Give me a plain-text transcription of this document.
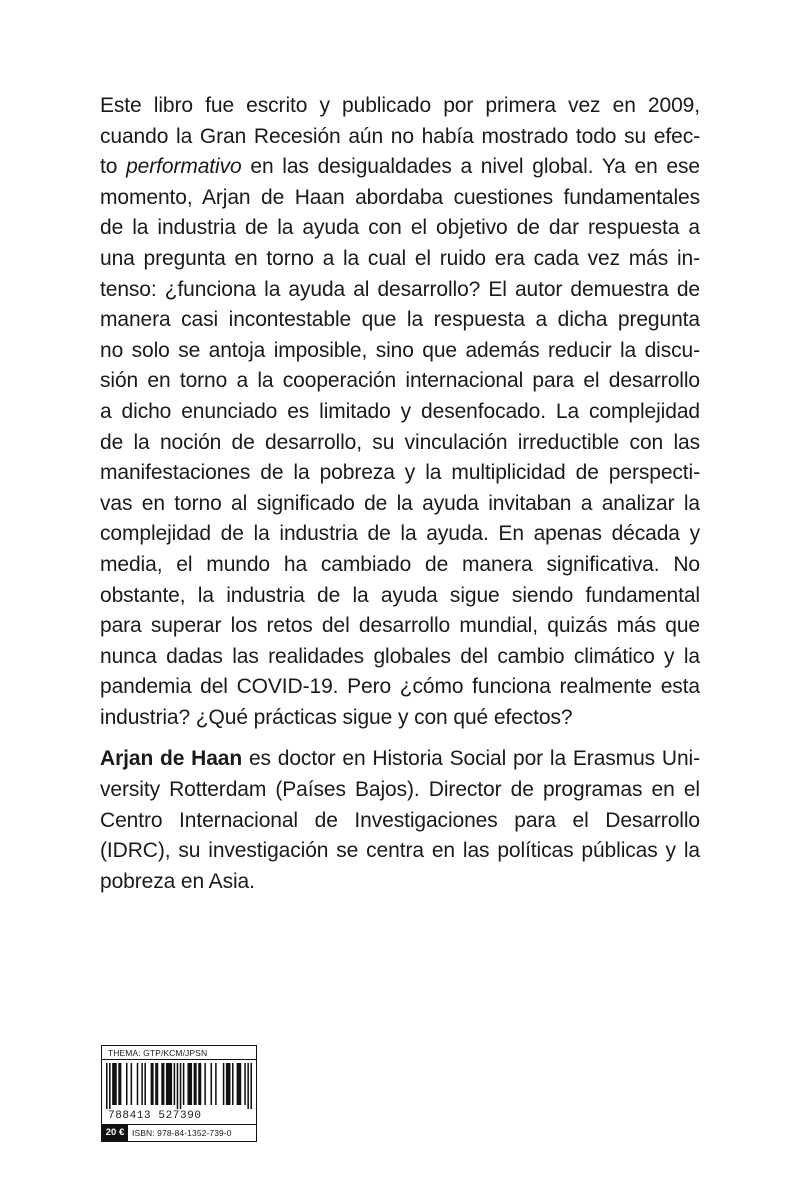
Este libro fue escrito y publicado por primera vez en 2009,
cuando la Gran Recesión aún no había mostrado todo su efec-
to performativo en las desigualdades a nivel global. Ya en ese
momento, Arjan de Haan abordaba cuestiones fundamentales
de la industria de la ayuda con el objetivo de dar respuesta a
una pregunta en torno a la cual el ruido era cada vez más in-
tenso: ¿funciona la ayuda al desarrollo? El autor demuestra de
manera casi incontestable que la respuesta a dicha pregunta
no solo se antoja imposible, sino que además reducir la discu-
sión en torno a la cooperación internacional para el desarrollo
a dicho enunciado es limitado y desenfocado. La complejidad
de la noción de desarrollo, su vinculación irreductible con las
manifestaciones de la pobreza y la multiplicidad de perspecti-
vas en torno al significado de la ayuda invitaban a analizar la
complejidad de la industria de la ayuda. En apenas década y
media, el mundo ha cambiado de manera significativa. No
obstante, la industria de la ayuda sigue siendo fundamental
para superar los retos del desarrollo mundial, quizás más que
nunca dadas las realidades globales del cambio climático y la
pandemia del COVID-19. Pero ¿cómo funciona realmente esta
industria? ¿Qué prácticas sigue y con qué efectos?

Arjan de Haan es doctor en Historia Social por la Erasmus Uni-
versity Rotterdam (Países Bajos). Director de programas en el
Centro Internacional de Investigaciones para el Desarrollo
(IDRC), su investigación se centra en las políticas públicas y la
pobreza en Asia.

THEMA: GTP/KCM/JPSN
788413 527390
20 € ISBN: 978-84-1352-739-0
